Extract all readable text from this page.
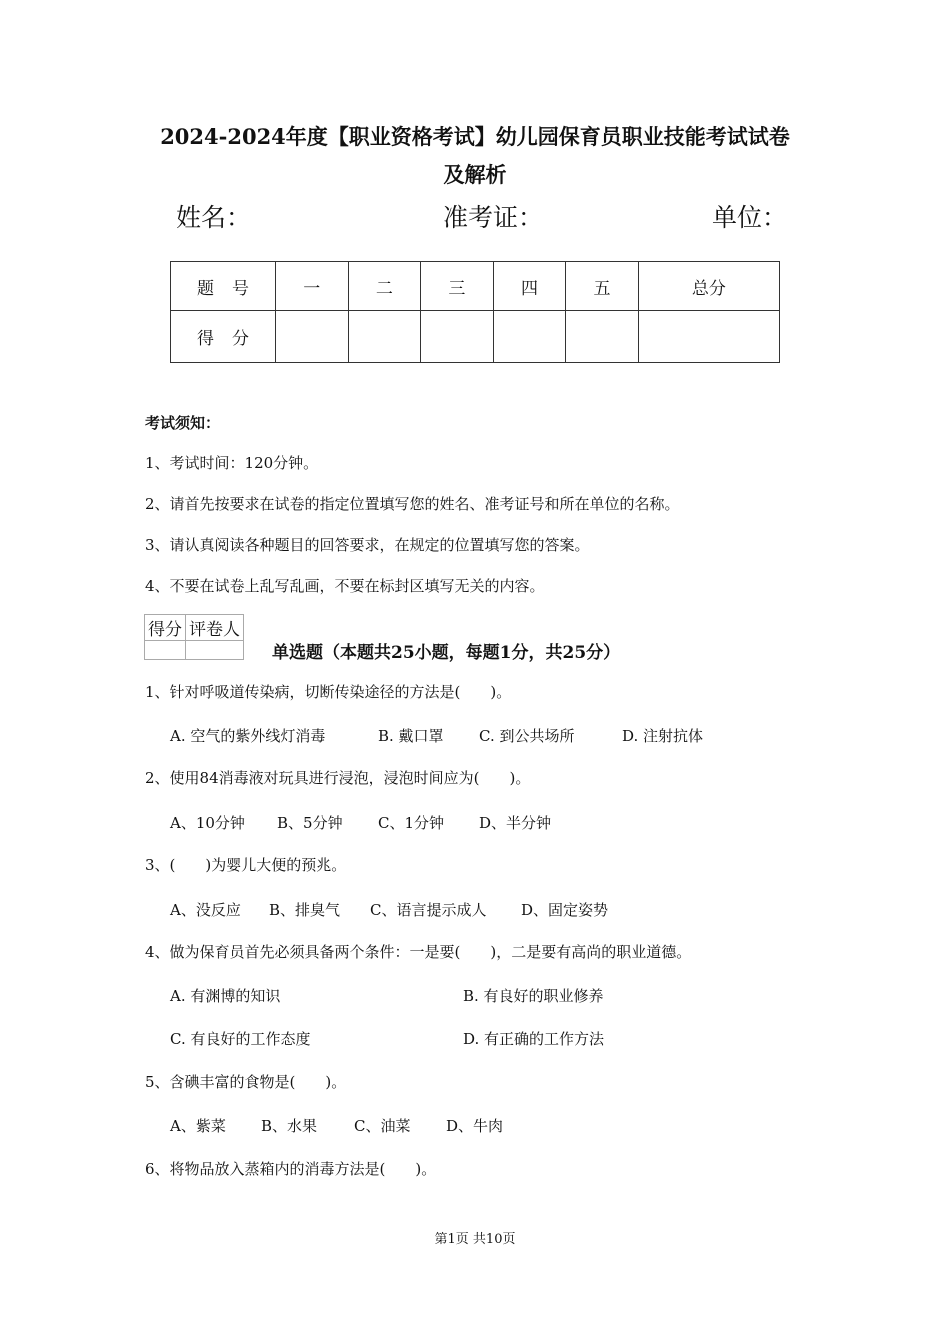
2024-2024年度【职业资格考试】幼儿园保育员职业技能考试试卷
及解析
姓名：	准考证：	单位：
题号	一	二	三	四	五	总分
得分						
考试须知：
1、考试时间：120分钟。
2、请首先按要求在试卷的指定位置填写您的姓名、准考证号和所在单位的名称。
3、请认真阅读各种题目的回答要求，在规定的位置填写您的答案。
4、不要在试卷上乱写乱画，不要在标封区填写无关的内容。
得分	评卷人

单选题（本题共25小题，每题1分，共25分）
1、针对呼吸道传染病，切断传染途径的方法是(　　)。
A. 空气的紫外线灯消毒	B. 戴口罩 C. 到公共场所	D. 注射抗体
2、使用84消毒液对玩具进行浸泡，浸泡时间应为(　　)。
A、10分钟 B、5分钟 C、1分钟 D、半分钟
3、(　　)为婴儿大便的预兆。
A、没反应 B、排臭气 C、语言提示成人 D、固定姿势
4、做为保育员首先必须具备两个条件：一是要(　　)，二是要有高尚的职业道德。
A. 有渊博的知识	B. 有良好的职业修养
C. 有良好的工作态度	D. 有正确的工作方法
5、含碘丰富的食物是(　　)。
A、紫菜 B、水果 C、油菜 D、牛肉
6、将物品放入蒸箱内的消毒方法是(　　)。
第1页 共10页
